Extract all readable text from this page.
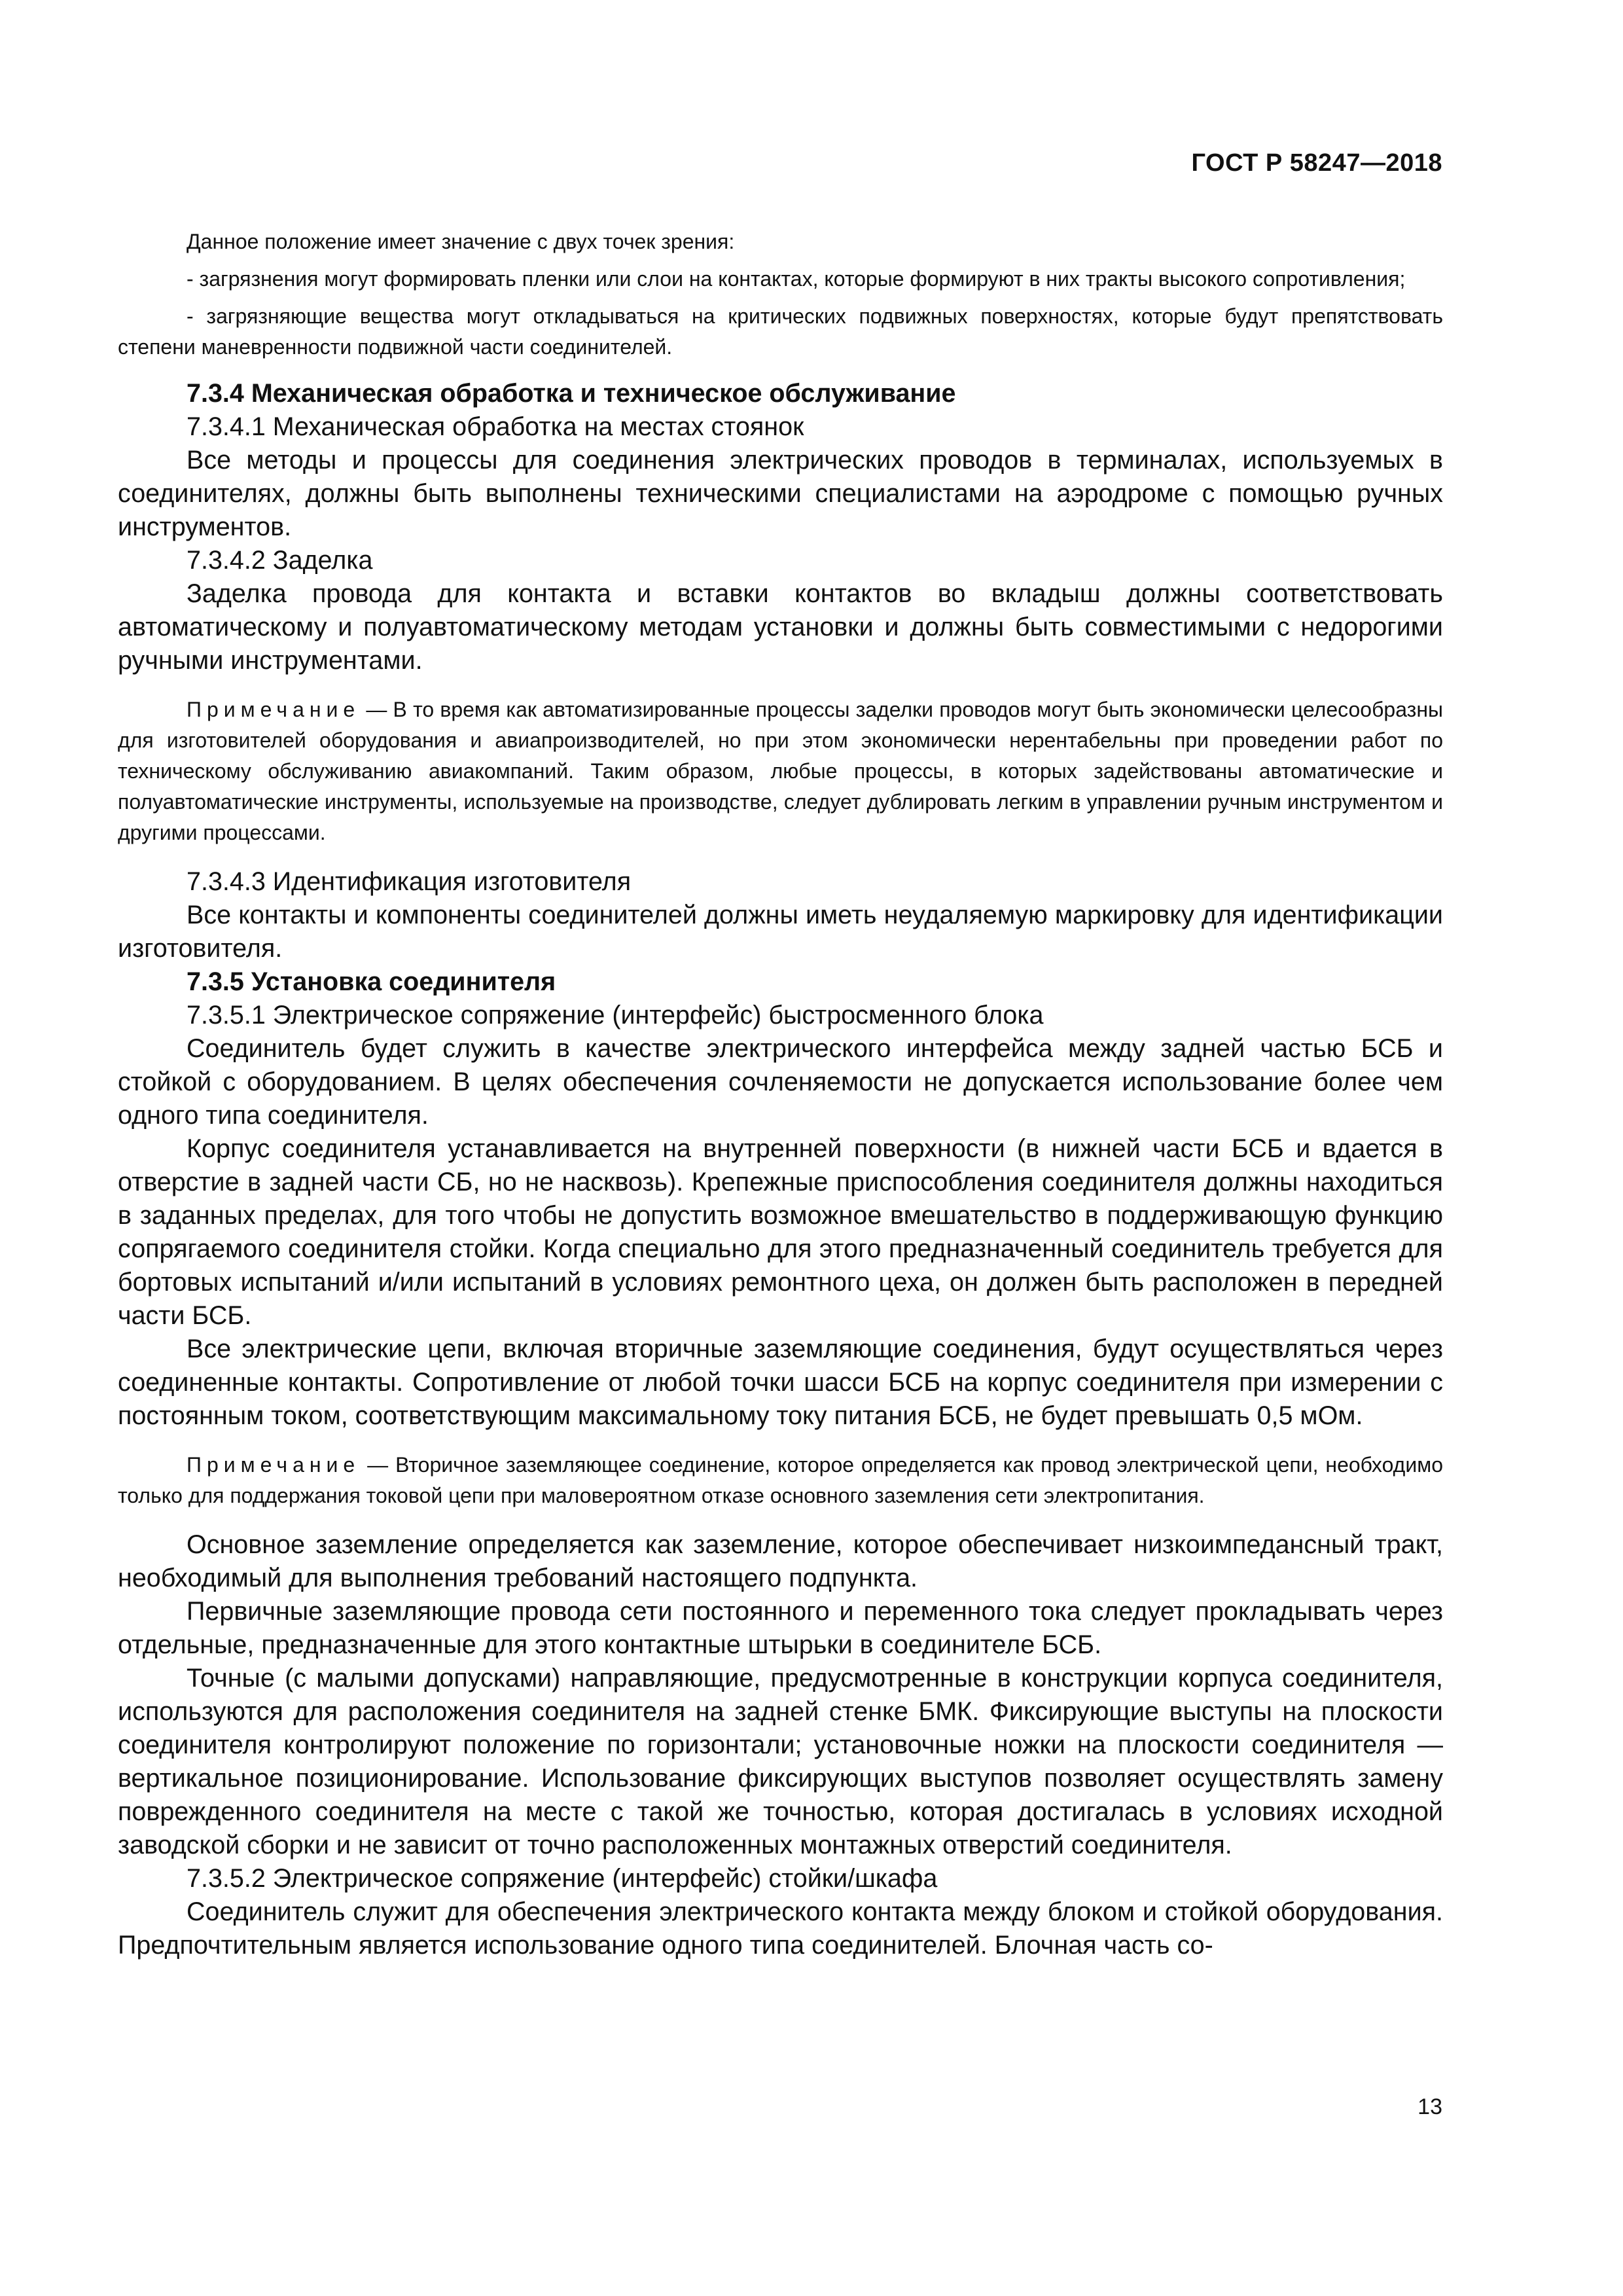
ГОСТ Р 58247—2018

Данное положение имеет значение с двух точек зрения:

- загрязнения могут формировать пленки или слои на контактах, которые формируют в них тракты высокого сопротивления;

- загрязняющие вещества могут откладываться на критических подвижных поверхностях, которые будут препятствовать степени маневренности подвижной части соединителей.

7.3.4 Механическая обработка и техническое обслуживание

7.3.4.1 Механическая обработка на местах стоянок

Все методы и процессы для соединения электрических проводов в терминалах, используемых в соединителях, должны быть выполнены техническими специалистами на аэродроме с помощью ручных инструментов.

7.3.4.2 Заделка

Заделка провода для контакта и вставки контактов во вкладыш должны соответствовать автоматическому и полуавтоматическому методам установки и должны быть совместимыми с недорогими ручными инструментами.

Примечание — В то время как автоматизированные процессы заделки проводов могут быть экономически целесообразны для изготовителей оборудования и авиапроизводителей, но при этом экономически нерентабельны при проведении работ по техническому обслуживанию авиакомпаний. Таким образом, любые процессы, в которых задействованы автоматические и полуавтоматические инструменты, используемые на производстве, следует дублировать легким в управлении ручным инструментом и другими процессами.

7.3.4.3 Идентификация изготовителя

Все контакты и компоненты соединителей должны иметь неудаляемую маркировку для идентификации изготовителя.

7.3.5 Установка соединителя

7.3.5.1 Электрическое сопряжение (интерфейс) быстросменного блока

Соединитель будет служить в качестве электрического интерфейса между задней частью БСБ и стойкой с оборудованием. В целях обеспечения сочленяемости не допускается использование более чем одного типа соединителя.

Корпус соединителя устанавливается на внутренней поверхности (в нижней части БСБ и вдается в отверстие в задней части СБ, но не насквозь). Крепежные приспособления соединителя должны находиться в заданных пределах, для того чтобы не допустить возможное вмешательство в поддерживающую функцию сопрягаемого соединителя стойки. Когда специально для этого предназначенный соединитель требуется для бортовых испытаний и/или испытаний в условиях ремонтного цеха, он должен быть расположен в передней части БСБ.

Все электрические цепи, включая вторичные заземляющие соединения, будут осуществляться через соединенные контакты. Сопротивление от любой точки шасси БСБ на корпус соединителя при измерении с постоянным током, соответствующим максимальному току питания БСБ, не будет превышать 0,5 мОм.

Примечание — Вторичное заземляющее соединение, которое определяется как провод электрической цепи, необходимо только для поддержания токовой цепи при маловероятном отказе основного заземления сети электропитания.

Основное заземление определяется как заземление, которое обеспечивает низкоимпедансный тракт, необходимый для выполнения требований настоящего подпункта.

Первичные заземляющие провода сети постоянного и переменного тока следует прокладывать через отдельные, предназначенные для этого контактные штырьки в соединителе БСБ.

Точные (с малыми допусками) направляющие, предусмотренные в конструкции корпуса соединителя, используются для расположения соединителя на задней стенке БМК. Фиксирующие выступы на плоскости соединителя контролируют положение по горизонтали; установочные ножки на плоскости соединителя — вертикальное позиционирование. Использование фиксирующих выступов позволяет осуществлять замену поврежденного соединителя на месте с такой же точностью, которая достигалась в условиях исходной заводской сборки и не зависит от точно расположенных монтажных отверстий соединителя.

7.3.5.2 Электрическое сопряжение (интерфейс) стойки/шкафа

Соединитель служит для обеспечения электрического контакта между блоком и стойкой оборудования. Предпочтительным является использование одного типа соединителей. Блочная часть со-

13
